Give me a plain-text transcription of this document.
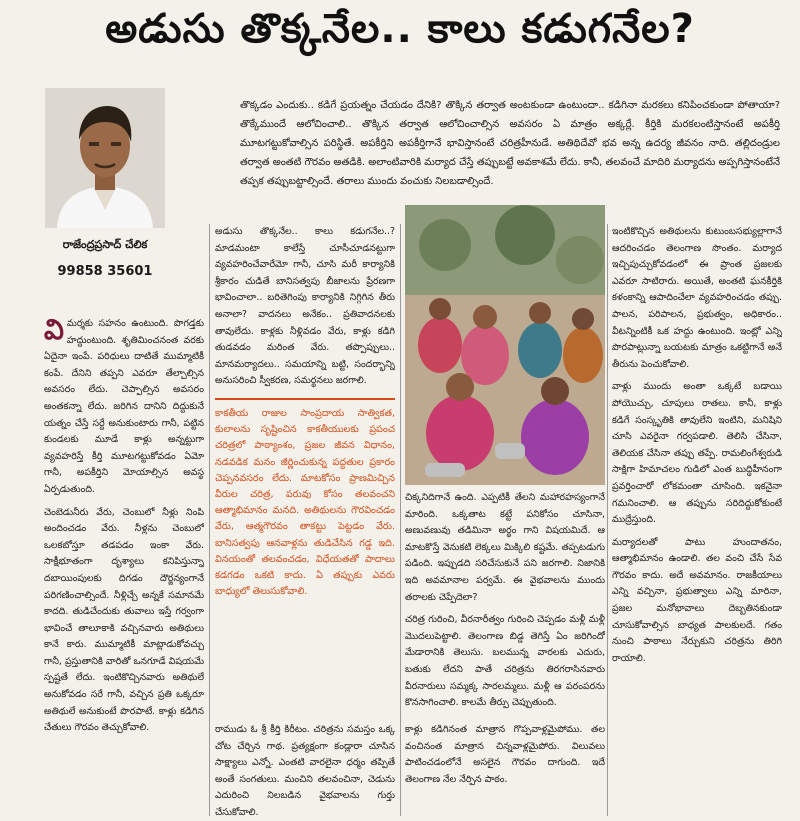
అడుసు తొక్కనేల.. కాలు కడుగనేల?
రాజేంద్రప్రసాద్ చేలిక
99858 35601
తొక్కడం ఎందుకు.. కడిగే ప్రయత్నం చేయడం దేనికి? తొక్కిన తర్వాత అంటకుండా ఉంటుందా.. కడిగినా మరకలు కనిపించకుండా పోతాయా? తొక్కేముందే ఆలోచించాలి.. తొక్కిన తర్వాత ఆలోచించాల్సిన అవసరం ఏ మాత్రం అక్కర్లే. కీర్తికి మరకలంటిస్తానంటే అపకీర్తి మూటగట్టుకోవాల్సిన పరిస్థితే. అపకీర్తిని అపకీర్తిగానే భావిస్తానంటే చరిత్రహీనుడే. అతిథిదేవో భవ అన్న ఉదర్య జీవనం నాది. తల్లిదండ్రుల తర్వాత అంతటి గౌరవం అతడికి. అలాంటివారికి మర్యాద చేస్తే తప్పుబట్టే అవకాశమే లేదు. కానీ, తలవంచే మాదిరి మర్యాదను అప్పగిస్తానంటేనే తప్పక తప్పుబట్టాల్సిందే. తరాలు ముందు వంచుకు నిలబడాల్సిందే.

విమర్శకు సహనం ఉంటుంది. పొగడ్తకు హద్దుంటుంది. శృతిమించనంత వరకు ఏదైనా ఇంపే. పరిధులు దాటితే ముమ్మాటికీ కంపే. దేనిని తప్పని ఎవరూ తేల్చాల్సిన అవసరం లేదు. చెప్పాల్సిన అవసరం అంతకన్నా లేదు. జరిగిన దానిని దిద్దుకునే యత్నం చేస్తే సర్దే అనుకుంటారు గానీ, పట్టిన కుండలకు మూడే కాళ్లు అన్నట్టుగా వ్యవహరిస్తే కీర్తి మూటగట్టుకోవడం ఏమో గానీ, అపకీర్తిని మోయాల్సిన అవస్థ ఏర్పడుతుంది.

చెంబెడునీరు వేరు, చెంబులో నీళ్లు నింపి అందించడం వేరు. నీళ్లను చెంబులో ఒలకబోస్తూ తడపడం ఇంకా వేరు. సాక్షీభూతంగా దృశ్యాలు కనిపిస్తున్నా దబాయింపులకు దిగడం దౌర్జన్యంగానే పరిగణించాల్సిందే. నీళ్లిచ్చే అన్నకే సమానమే కాదది. తుడిచేందుకు తువాలు ఇస్తే గర్వంగా భావించే తాలూకాకి వచ్చినవారు అతిథులు కానే కారు. ముమ్మాటికీ మాట్లాడుకోవచ్చు గానీ, ప్రస్తుతానికి వారితో ఒనగూడే విషయమే స్పష్టతే లేదు. ఇంటికొచ్చినవారు అతిథులే అనుకోవడం సరే గానీ, వచ్చిన ప్రతి ఒక్కరూ అతిథులే అనుకుంటే పొరపాటే. కాళ్లు కడిగిన చేతులు గౌరవం తెచ్చుకోవాలి.

అడుసు తొక్కనేల.. కాలు కడుగనేల..? మాడమంటా కాలేస్తే చూసీచూడనట్టుగా వ్యవహరించేవారేమో గానీ, చూసి మరీ కార్యానికి శ్రీకారం చుడితే బానిసత్వపు బీజాలను ప్రేరణగా భావించాలా.. బరితెగింపు కార్యానికి నిగ్గిగిన తీరు అనాలా? వాదనలు అనేకం.. ప్రతివాదనలకు తావులేదు. కాళ్లకు నీళ్లివడం వేరు, కాళ్లు కడిగి తుడవడం మరింత వేరు. తప్పొప్పులు.. మానమర్యాదలు.. సమయాన్ని బట్టి, సందర్భాన్ని అనుసరించి స్వీకరణ, సమర్థనలు జరగాలి.

కాకతీయ రాజుల సాంప్రదాయ సాత్వికత, కులాలను సృష్టించిన కాకతీయులకు ప్రపంచ చరిత్రలో పాఠ్యాంశం, ప్రజల జీవన విధానం, నడవడిక మనం జీర్ణించుకున్న పద్ధతుల ప్రకారం చెప్పనవసరం లేదు. మాటకోసం ప్రాణమిచ్చిన వీరుల చరిత్ర, పరువు కోసం తలవంచని ఆత్మాభిమానం మనది. అతిథులను గౌరవించడం వేరు, ఆత్మగౌరవం తాకట్టు పెట్టడం వేరు. బానిసత్వపు ఆనవాళ్లను తుడిచేసిన గడ్డ ఇది. వినయంతో తలవంచడం, విధేయతతో పాదాలు కడగడం ఒకటి కాదు. ఏ తప్పుకు ఎవరు బాధ్యులో తెలుసుకోవాలి.

ఇంటికొచ్చిన అతిథులను కుటుంబసభ్యుల్లాగానే ఆదరించడం తెలంగాణ సొంతం. మర్యాద ఇచ్చిపుచ్చుకోవడంలో ఈ ప్రాంత ప్రజలకు ఎవరూ సాటిరారు. అయితే, అంతటి ఘనకీర్తికి కళంకాన్ని ఆపాదించేలా వ్యవహరించడం తప్పు. పాలన, పరిపాలన, ప్రభుత్వం, అధికారం.. వీటన్నింటికీ ఒక హద్దు ఉంటుంది. ఇంట్లో ఎన్ని పొరపాట్లున్నా బయటకు మాత్రం ఒకట్టిగానే అనే తీరును పెంచుకోవాలి.

వాళ్లు ముందు అంతా ఒక్కటే బడాయి పోయొచ్చు, చూపులు రాతలు. కానీ, కాళ్లు కడిగే సంస్కృతికి తావులేని ఇంటిని, మనిషిని చూసి ఎవరైనా గర్వపడాలి. తెలిసి చేసినా, తెలియక చేసినా తప్పు తప్పే. రామలింగేశ్వరుడి సాక్షిగా హిమాచలం గుడిలో ఎంత బుద్ధిహీనంగా ప్రవర్తించారో లోకమంతా చూసింది. ఇకనైనా గమనించాలి. ఆ తప్పును సరిదిద్దుకోకుంటే ముద్రేస్తుంది.

మర్యాదలతో పాటు హుందాతనం, ఆత్మాభిమానం ఉండాలి. తల వంచి చేసే సేవ గౌరవం కాదు. అదే అవమానం. రాజకీయాలు ఎన్ని వచ్చినా, ప్రభుత్వాలు ఎన్ని మారినా, ప్రజల మనోభావాలు దెబ్బతినకుండా చూసుకోవాల్సిన బాధ్యత పాలకులదే. గతం నుంచి పాఠాలు నేర్చుకుని చరిత్రను తిరిగి రాయాలి.

చిక్కనిదిగానే ఉంది. ఎప్పటికీ తేలని మహారహస్యంగానే మారింది. ఒక్కతాట కట్టే పనికోసం చూసినా, అణువణువు తడిమినా అర్థం గాని విషయమిదే. ఆ మాటకొస్తే వెనుకటి లెక్కలు మిక్కిలి కష్టమే. తప్పటడుగు పడింది. ఇప్పుడది సరిచేసుకునే పని జరగాలి. నిజానికి ఇది అవమానాల పర్వమే. ఈ వైభవాలను ముందు తరాలకు చెప్పేదెలా?

చరిత్ర గురించి, వీరనారీత్వం గురించి చెప్పడం మళ్లీ మళ్లీ మొదలుపెట్టాలి. తెలంగాణ బిడ్డ తెగిస్తే ఏం జరిగిందో మేడారానికి తెలుసు. బలమున్న వారలకు ఎదురు, బతుకు లేదని పాతే చరిత్రను తిరగరాసినవారు వీరనారులు సమ్మక్క సారలమ్మలు. మళ్లీ ఆ పరంపరను కొనసాగించాలి. కాలమే తీర్పు చెప్పుతుంది.

రాముడు ఓ శ్రీ కీర్తి కిరీటం. చరిత్రను సమస్తం ఒక్క చోట చేర్చిన గాథ. ప్రత్యక్షంగా కండ్లారా చూసిన సాక్ష్యాలు ఎన్నో. ఎంతటి వారలైనా ధర్మం తప్పితే అంతే సంగతులు. మంచిని తలవంచినా, చెడును ఎదురించి నిలబడిన వైభవాలను గుర్తు చేసుకోవాలి.
కాళ్లు కడిగినంత మాత్రాన గొప్పవాళ్లమైపోము. తల వంచినంత మాత్రాన చిన్నవాళ్లమైపోరు. విలువలు పాటించడంలోనే అసలైన గౌరవం దాగుంది. ఇదే తెలంగాణ నేల నేర్పిన పాఠం.
